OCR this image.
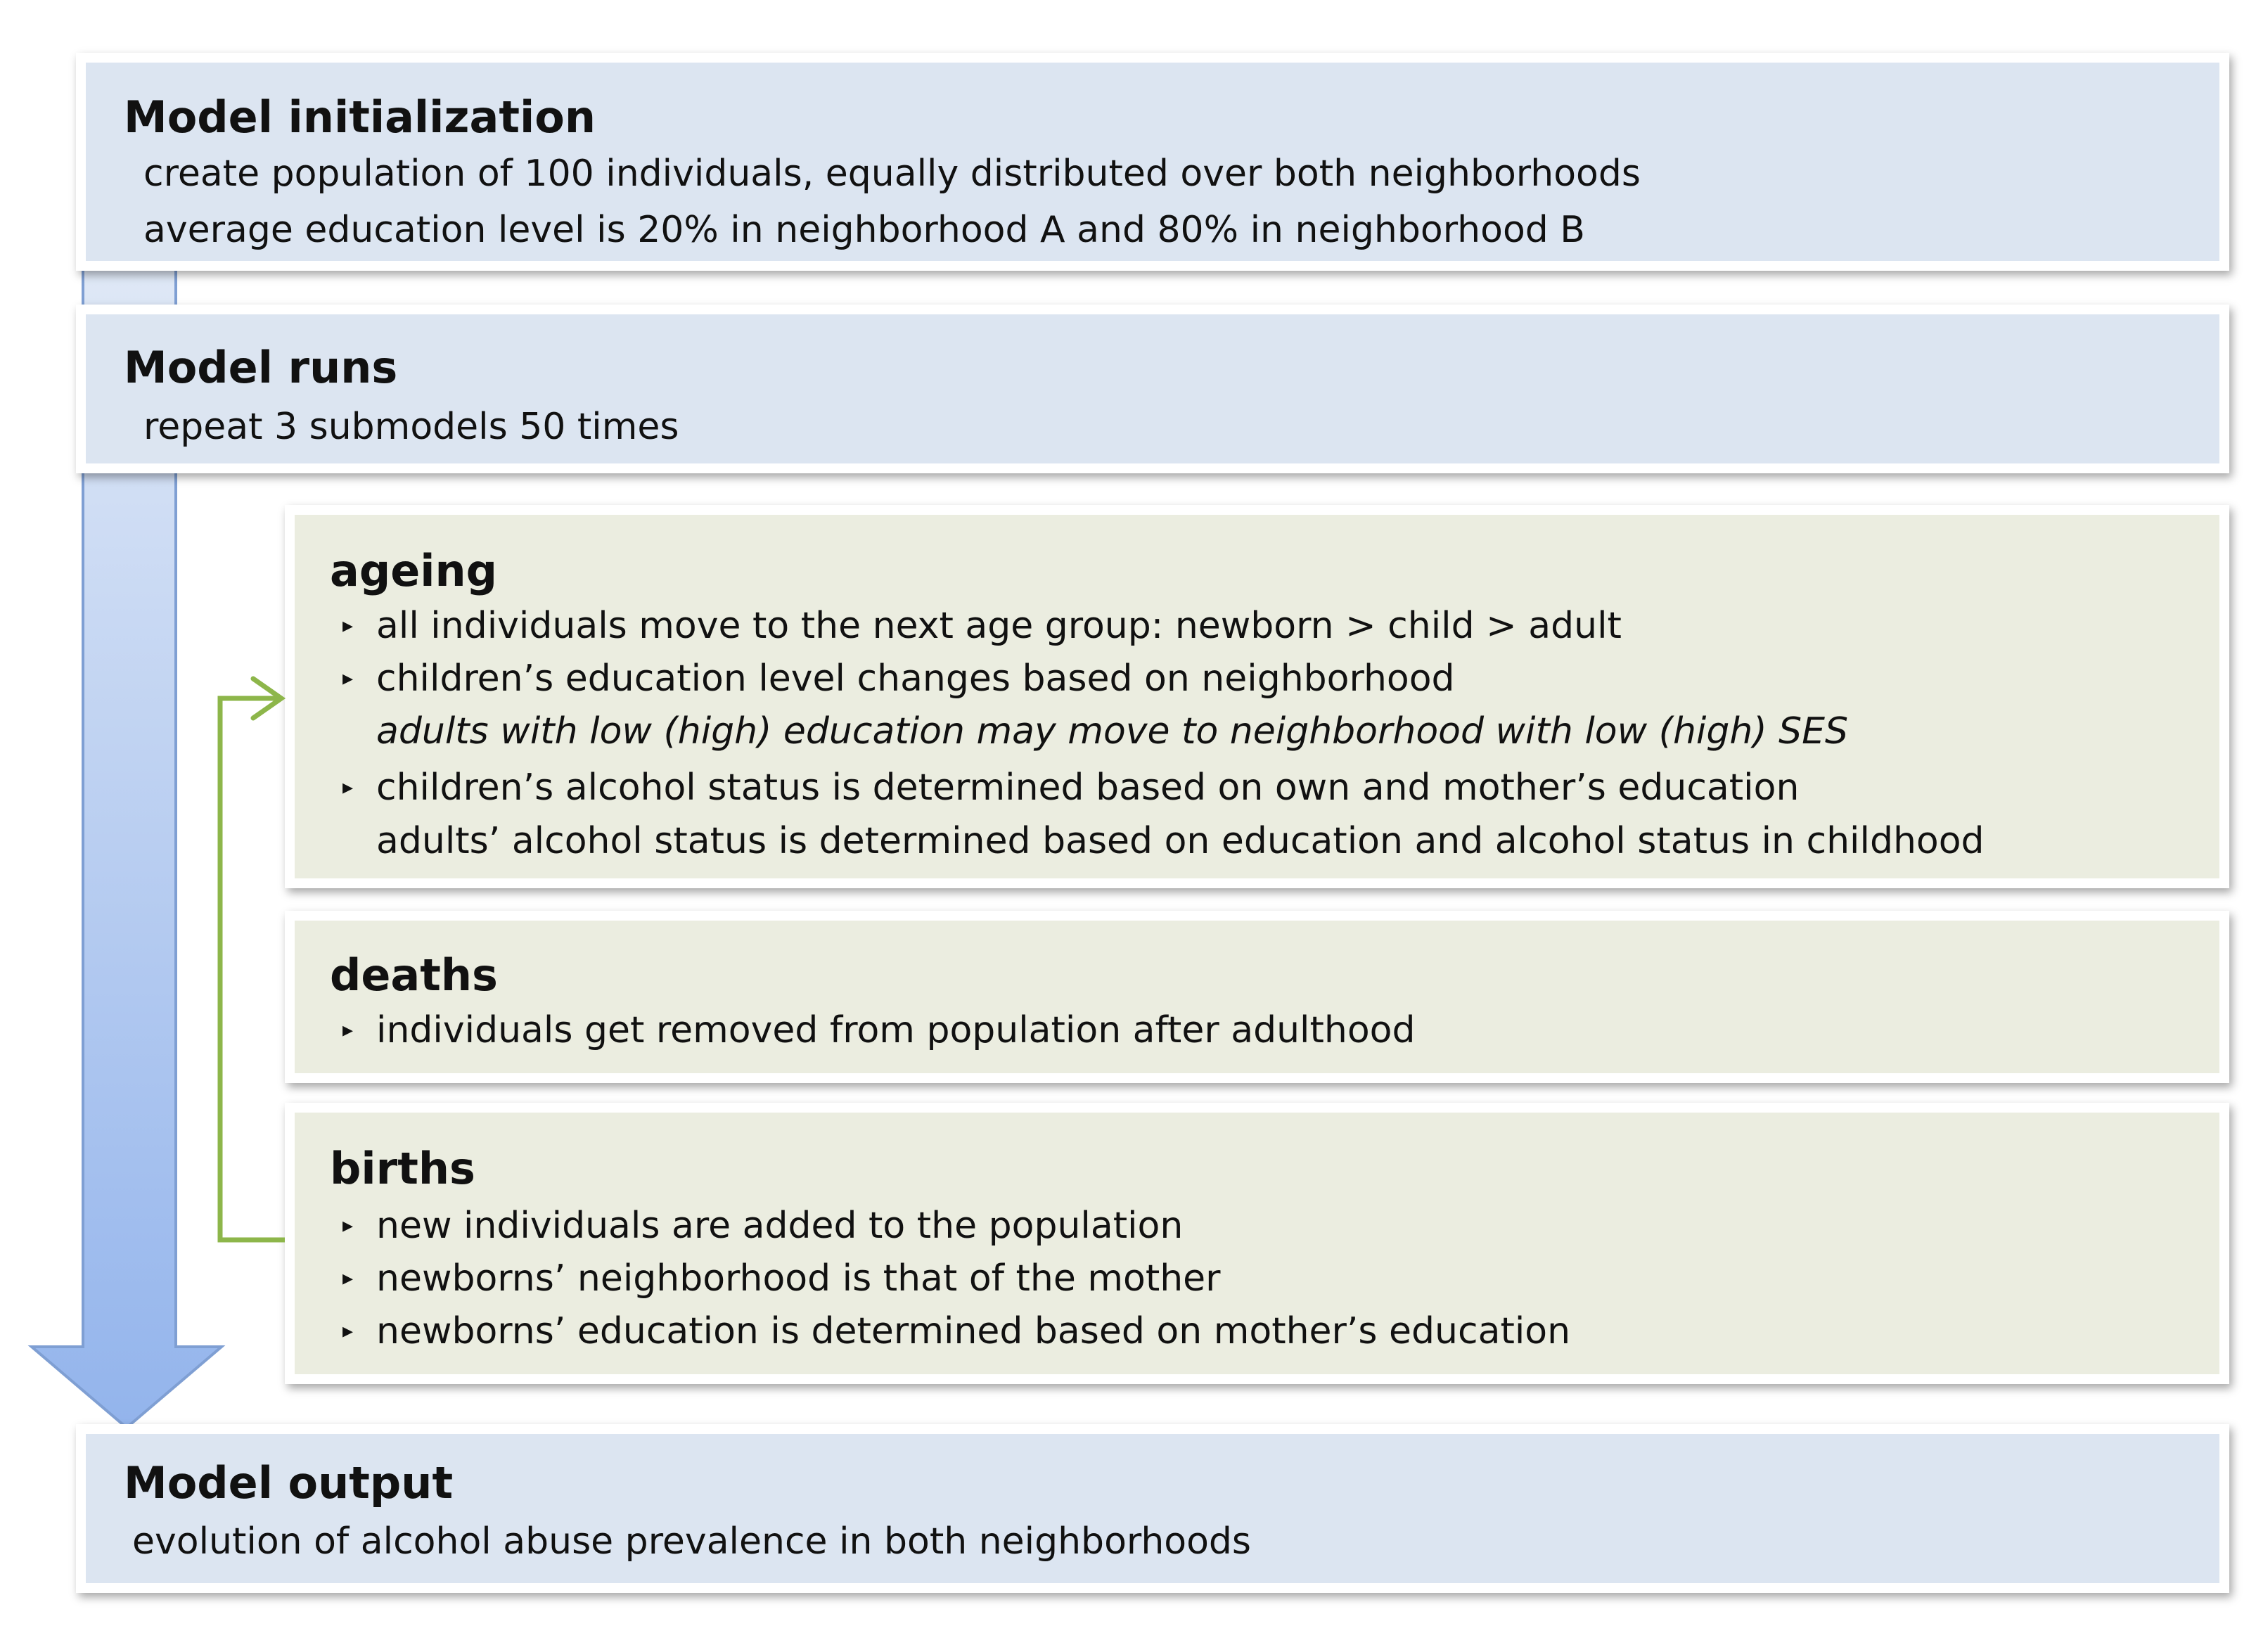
Model initialization
create population of 100 individuals, equally distributed over both neighborhoods
average education level is 20% in neighborhood A and 80% in neighborhood B
Model runs
repeat 3 submodels 50 times
ageing
▸ all individuals move to the next age group: newborn > child > adult
▸ children’s education level changes based on neighborhood
adults with low (high) education may move to neighborhood with low (high) SES
▸ children’s alcohol status is determined based on own and mother’s education
adults’ alcohol status is determined based on education and alcohol status in childhood
deaths
▸ individuals get removed from population after adulthood
births
▸ new individuals are added to the population
▸ newborns’ neighborhood is that of the mother
▸ newborns’ education is determined based on mother’s education
Model output
evolution of alcohol abuse prevalence in both neighborhoods
